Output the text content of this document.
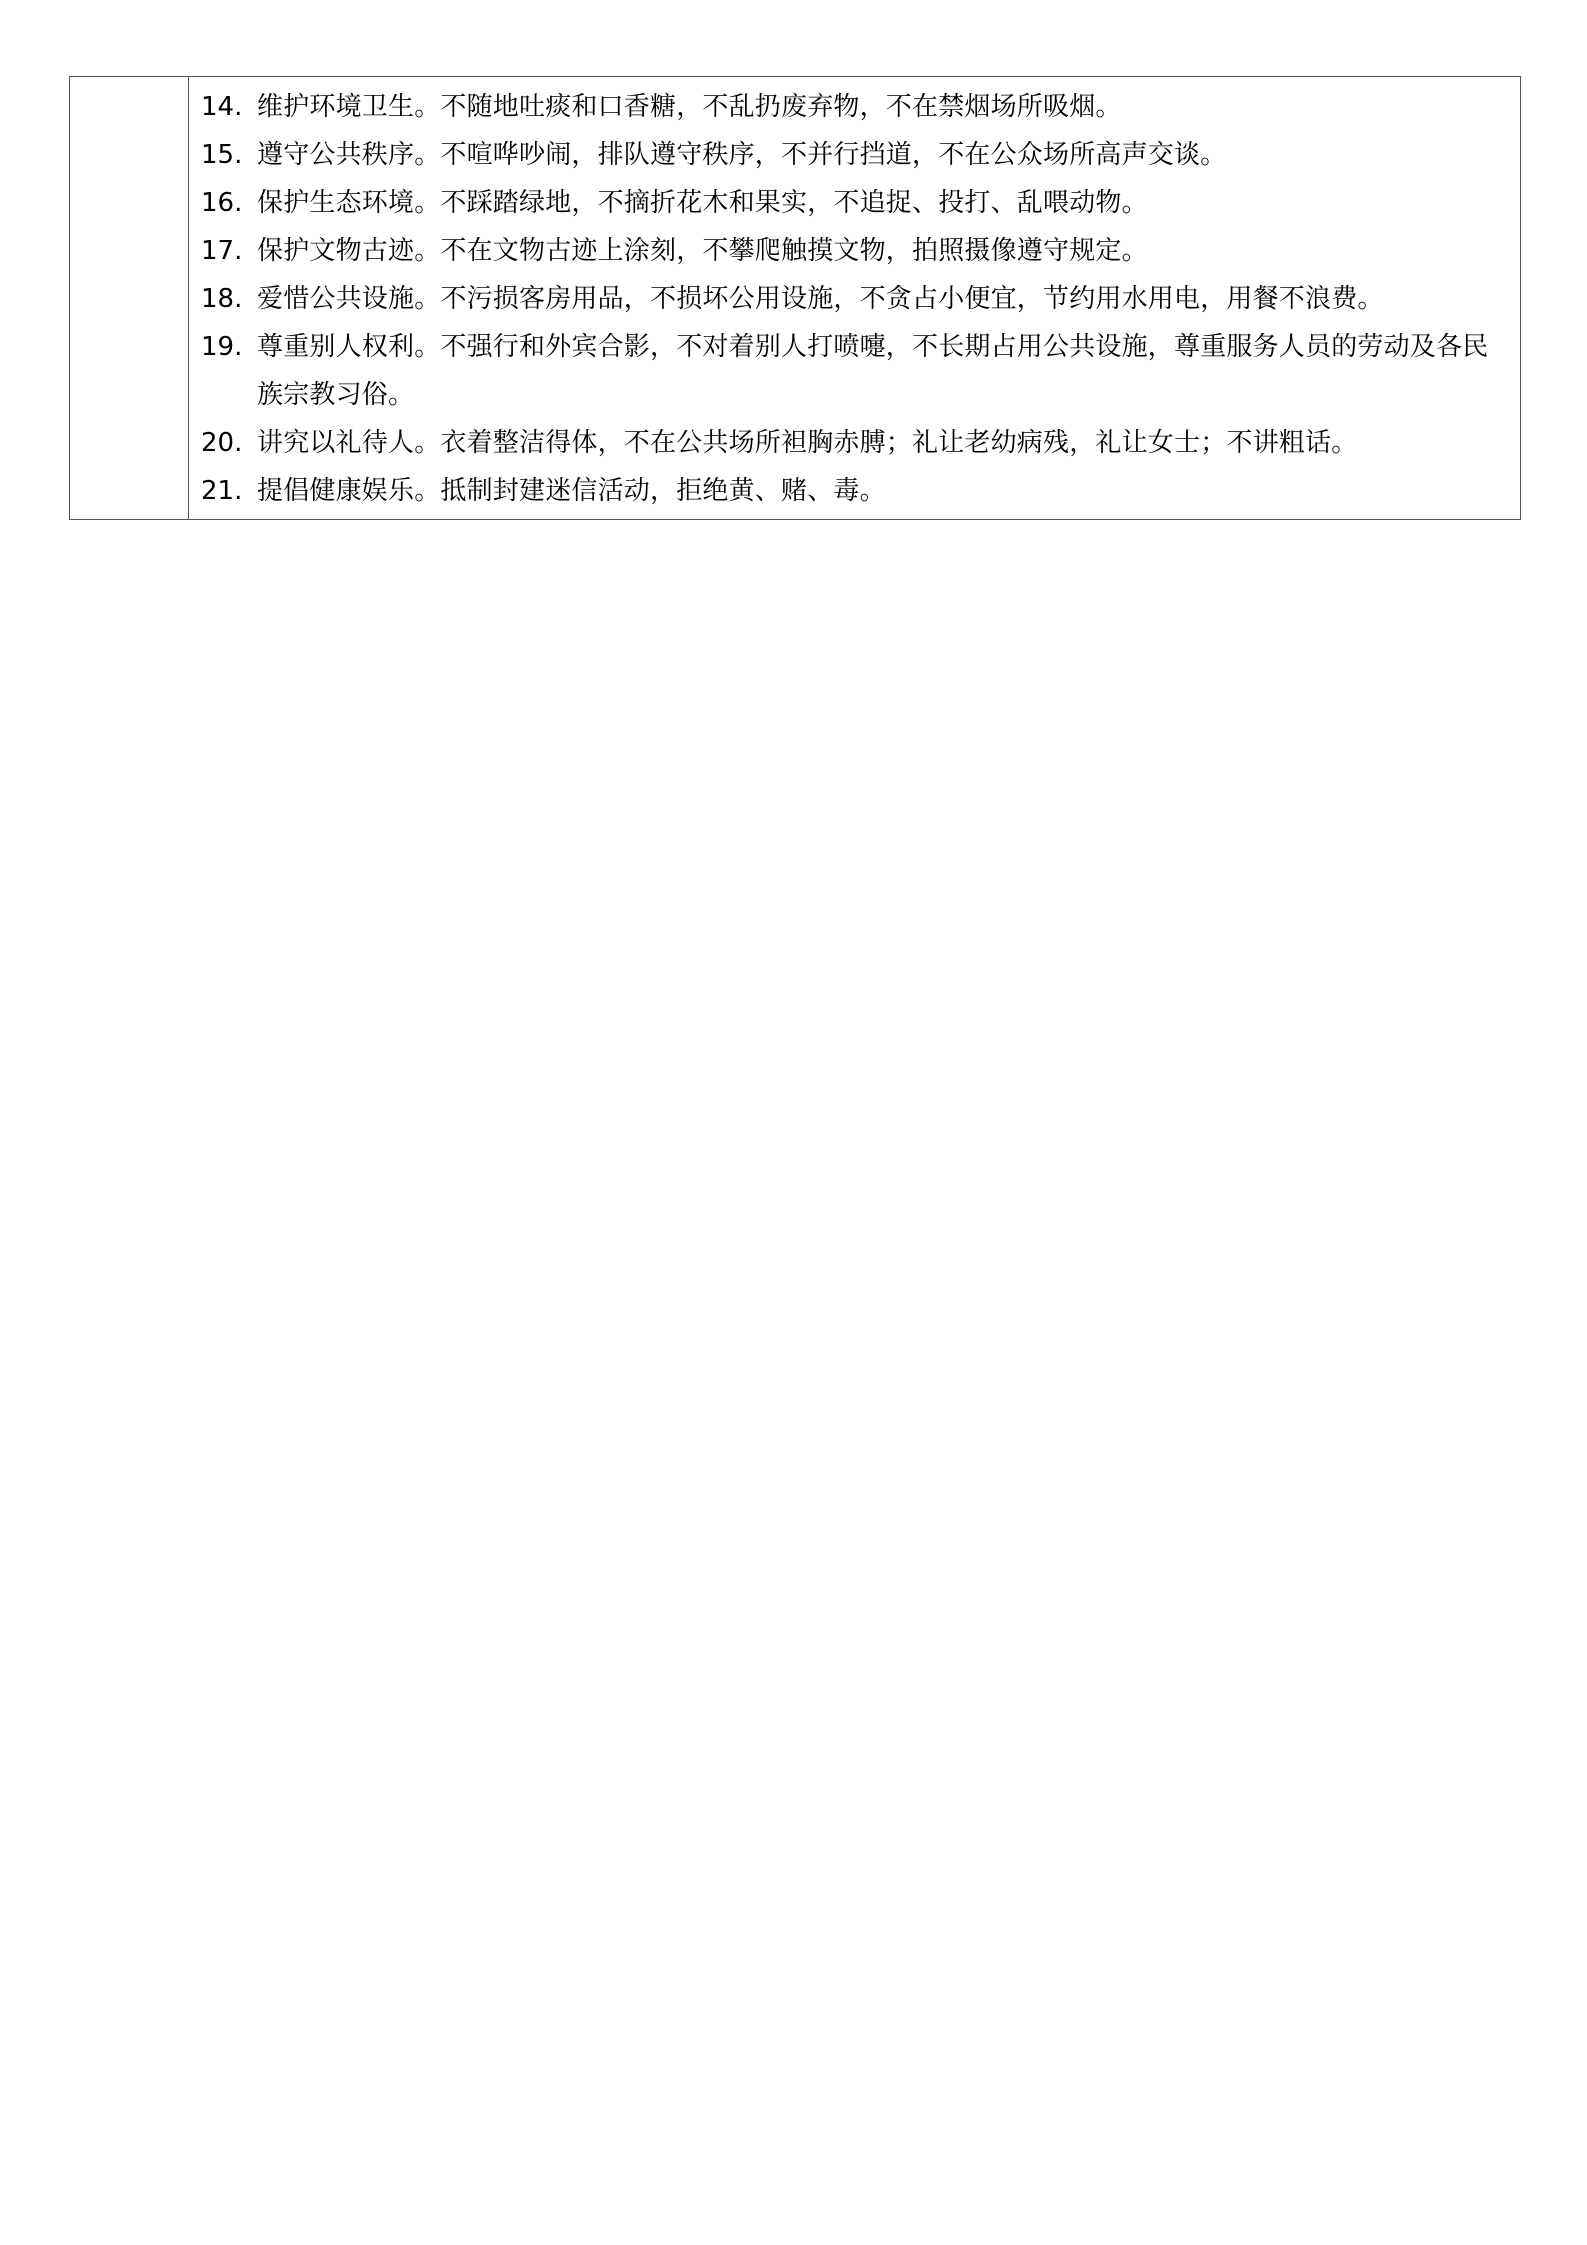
14. 维护环境卫生。不随地吐痰和口香糖，不乱扔废弃物，不在禁烟场所吸烟。
15. 遵守公共秩序。不喧哗吵闹，排队遵守秩序，不并行挡道，不在公众场所高声交谈。
16. 保护生态环境。不踩踏绿地，不摘折花木和果实，不追捉、投打、乱喂动物。
17. 保护文物古迹。不在文物古迹上涂刻，不攀爬触摸文物，拍照摄像遵守规定。
18. 爱惜公共设施。不污损客房用品，不损坏公用设施，不贪占小便宜，节约用水用电，用餐不浪费。
19. 尊重别人权利。不强行和外宾合影，不对着别人打喷嚏，不长期占用公共设施，尊重服务人员的劳动及各民族宗教习俗。
20. 讲究以礼待人。衣着整洁得体，不在公共场所袒胸赤膊；礼让老幼病残，礼让女士；不讲粗话。
21. 提倡健康娱乐。抵制封建迷信活动，拒绝黄、赌、毒。
